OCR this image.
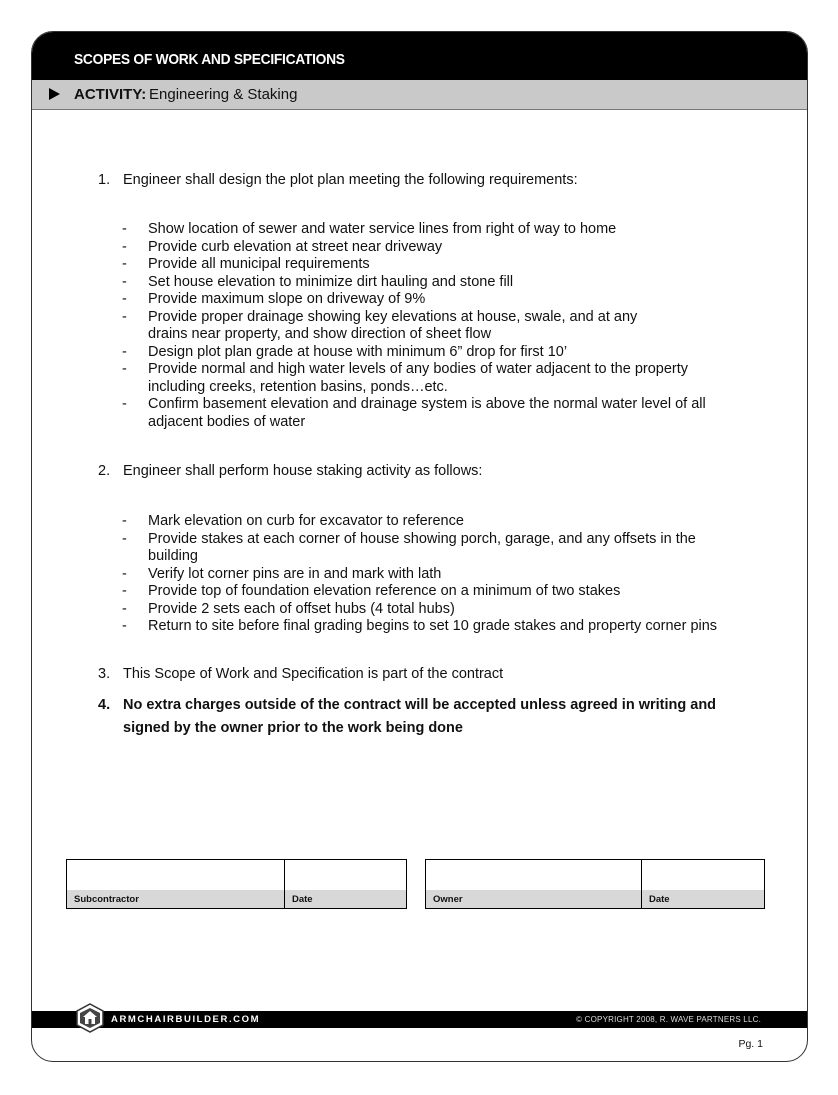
SCOPES OF WORK AND SPECIFICATIONS
ACTIVITY: Engineering & Staking
1. Engineer shall design the plot plan meeting the following requirements:
- Show location of sewer and water service lines from right of way to home
- Provide curb elevation at street near driveway
- Provide all municipal requirements
- Set house elevation to minimize dirt hauling and stone fill
- Provide maximum slope on driveway of 9%
- Provide proper drainage showing key elevations at house, swale, and at any drains near property, and show direction of sheet flow
- Design plot plan grade at house with minimum 6” drop for first 10’
- Provide normal and high water levels of any bodies of water adjacent to the property including creeks, retention basins, ponds…etc.
- Confirm basement elevation and drainage system is above the normal water level of all adjacent bodies of water
2. Engineer shall perform house staking activity as follows:
- Mark elevation on curb for excavator to reference
- Provide stakes at each corner of house showing porch, garage, and any offsets in the building
- Verify lot corner pins are in and mark with lath
- Provide top of foundation elevation reference on a minimum of two stakes
- Provide 2 sets each of offset hubs (4 total hubs)
- Return to site before final grading begins to set 10 grade stakes and property corner pins
3. This Scope of Work and Specification is part of the contract
4. No extra charges outside of the contract will be accepted unless agreed in writing and signed by the owner prior to the work being done
Subcontractor	Date	Owner	Date
ARMCHAIRBUILDER.COM	© COPYRIGHT 2008, R. WAVE PARTNERS LLC.
Pg. 1
